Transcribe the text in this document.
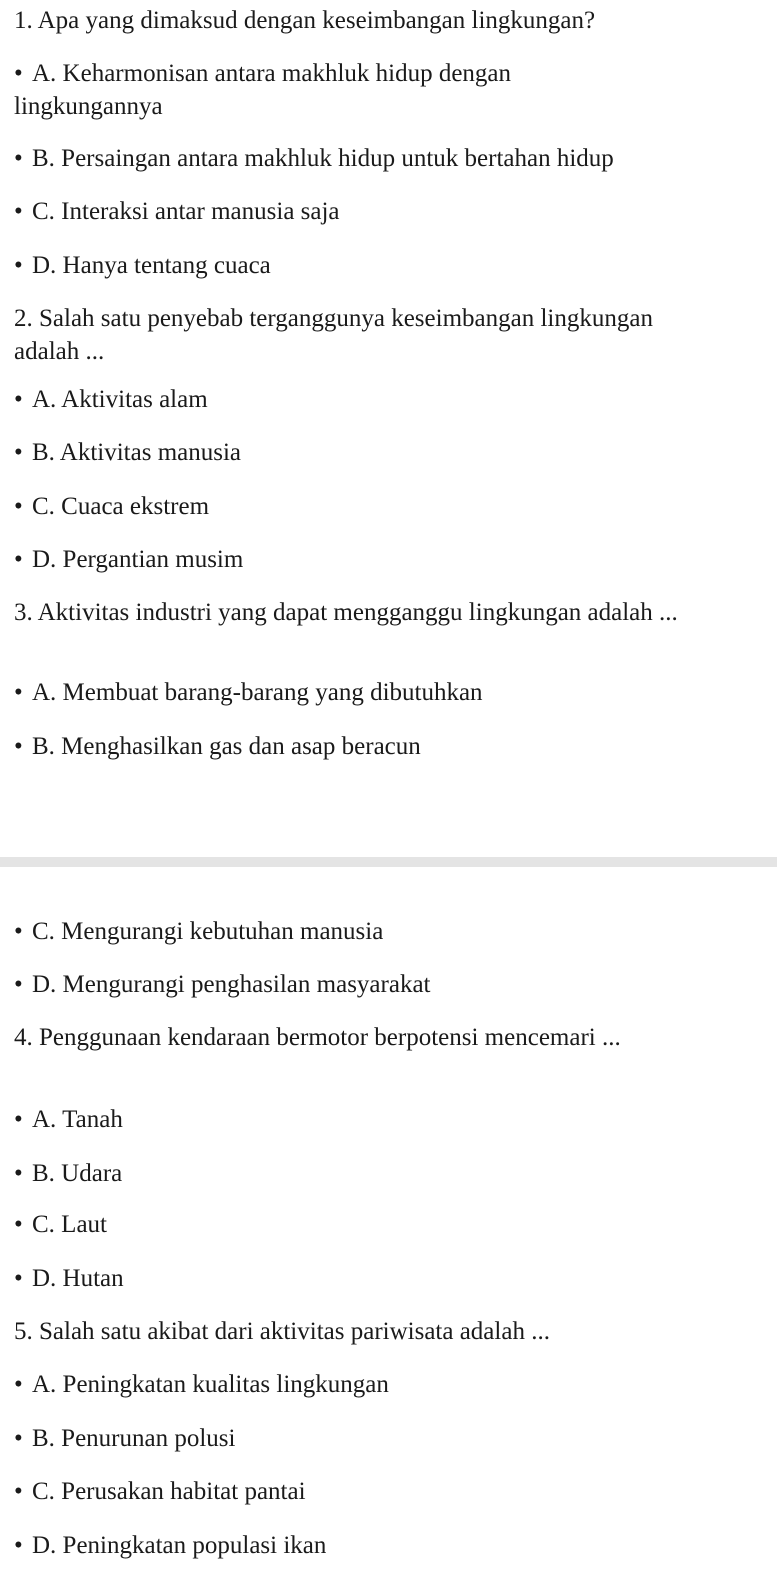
1. Apa yang dimaksud dengan keseimbangan lingkungan?

• A. Keharmonisan antara makhluk hidup dengan lingkungannya

• B. Persaingan antara makhluk hidup untuk bertahan hidup

• C. Interaksi antar manusia saja

• D. Hanya tentang cuaca

2. Salah satu penyebab terganggunya keseimbangan lingkungan adalah ...

• A. Aktivitas alam

• B. Aktivitas manusia

• C. Cuaca ekstrem

• D. Pergantian musim

3. Aktivitas industri yang dapat mengganggu lingkungan adalah ...

• A. Membuat barang-barang yang dibutuhkan

• B. Menghasilkan gas dan asap beracun

• C. Mengurangi kebutuhan manusia

• D. Mengurangi penghasilan masyarakat

4. Penggunaan kendaraan bermotor berpotensi mencemari ...

• A. Tanah

• B. Udara

• C. Laut

• D. Hutan

5. Salah satu akibat dari aktivitas pariwisata adalah ...

• A. Peningkatan kualitas lingkungan

• B. Penurunan polusi

• C. Perusakan habitat pantai

• D. Peningkatan populasi ikan
